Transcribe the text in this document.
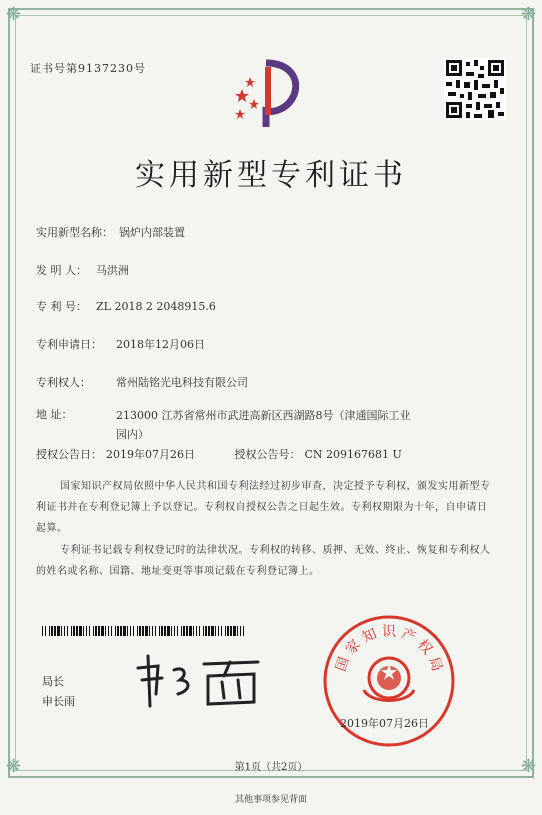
❋	❋
❋	❋
证书号第9137230号
实用新型专利证书
实用新型名称： 锅炉内部装置
发 明 人： 马洪洲
专 利 号： ZL 2018 2 2048915.6
专利申请日： 2018年12月06日
专利权人： 常州陆铭光电科技有限公司
地 址：	213000 江苏省常州市武进高新区西湖路8号（津通国际工业园内）
授权公告日： 2019年07月26日	授权公告号： CN 209167681 U
国家知识产权局依照中华人民共和国专利法经过初步审查，决定授予专利权，颁发实用新型专利证书并在专利登记簿上予以登记。专利权自授权公告之日起生效。专利权期限为十年，自申请日起算。
专利证书记载专利权登记时的法律状况。专利权的转移、质押、无效、终止、恢复和专利权人的姓名或名称、国籍、地址变更等事项记载在专利登记簿上。
局长
申长雨
国
家
知 识 产
权
局
2019年07月26日
第1页（共2页）
其他事项参见背面
